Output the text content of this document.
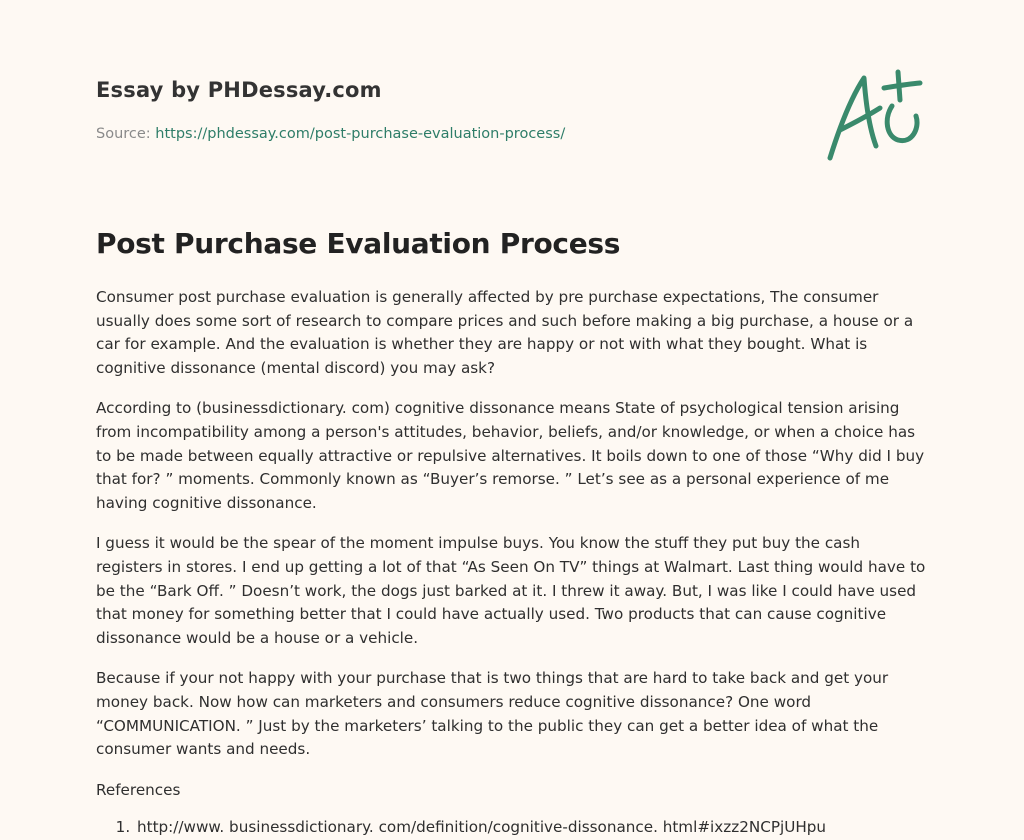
Essay by PHDessay.com
Source: https://phdessay.com/post-purchase-evaluation-process/
Post Purchase Evaluation Process

Consumer post purchase evaluation is generally affected by pre purchase expectations, The consumer usually does some sort of research to compare prices and such before making a big purchase, a house or a car for example. And the evaluation is whether they are happy or not with what they bought. What is cognitive dissonance (mental discord) you may ask?

According to (businessdictionary. com) cognitive dissonance means State of psychological tension arising from incompatibility among a person's attitudes, behavior, beliefs, and/or knowledge, or when a choice has to be made between equally attractive or repulsive alternatives. It boils down to one of those “Why did I buy that for? ” moments. Commonly known as “Buyer’s remorse. ” Let’s see as a personal experience of me having cognitive dissonance.

I guess it would be the spear of the moment impulse buys. You know the stuff they put buy the cash registers in stores. I end up getting a lot of that “As Seen On TV” things at Walmart. Last thing would have to be the “Bark Off. ” Doesn’t work, the dogs just barked at it. I threw it away. But, I was like I could have used that money for something better that I could have actually used. Two products that can cause cognitive dissonance would be a house or a vehicle.

Because if your not happy with your purchase that is two things that are hard to take back and get your money back. Now how can marketers and consumers reduce cognitive dissonance? One word “COMMUNICATION. ” Just by the marketers’ talking to the public they can get a better idea of what the consumer wants and needs.

References

1. http://www. businessdictionary. com/definition/cognitive-dissonance. html#ixzz2NCPjUHpu
